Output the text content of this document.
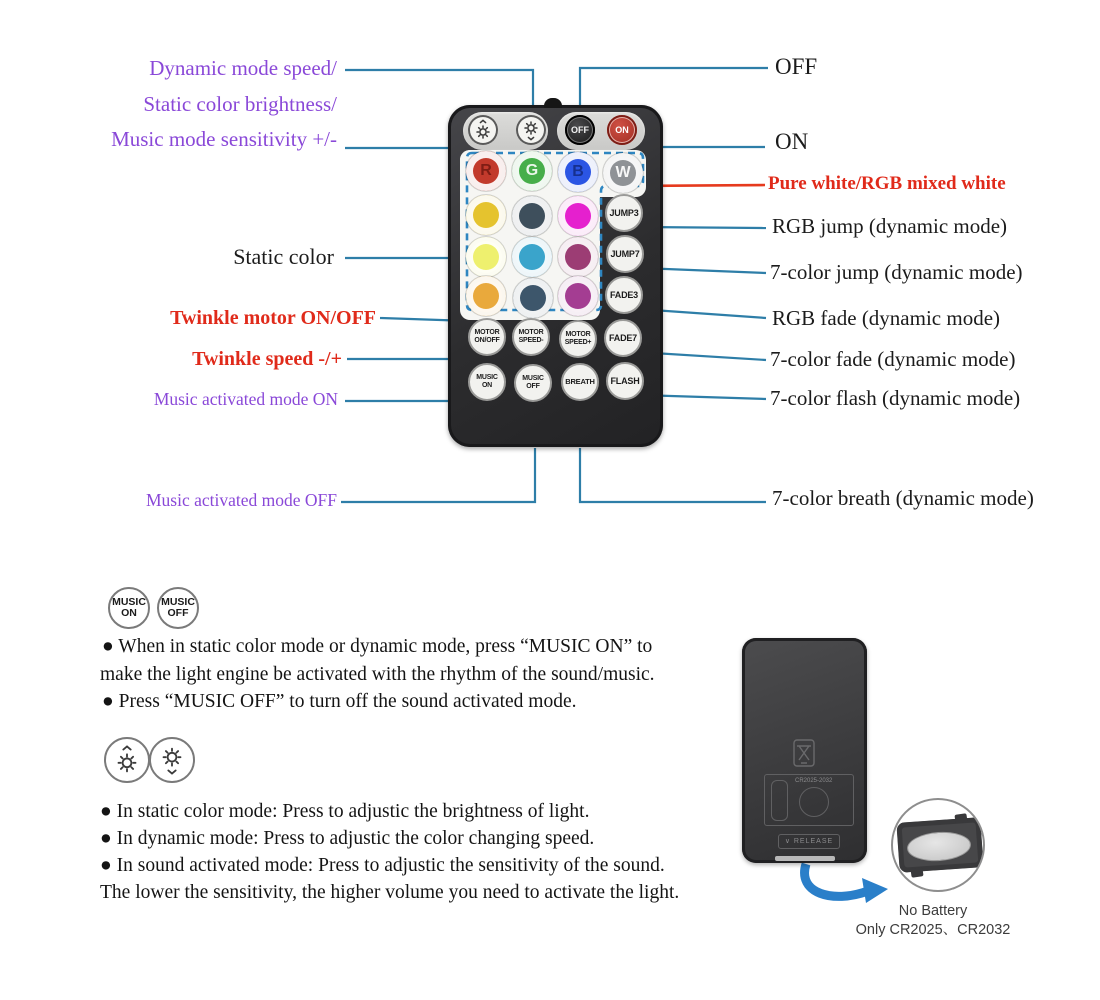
Dynamic mode speed/
Static color brightness/
Music mode sensitivity +/-
Static color
Twinkle motor ON/OFF
Twinkle speed -/+
Music activated mode ON
Music activated mode OFF
OFF
ON
Pure white/RGB mixed white
RGB jump (dynamic mode)
7-color jump (dynamic mode)
RGB fade (dynamic mode)
7-color fade (dynamic mode)
7-color flash (dynamic mode)
7-color breath (dynamic mode)
OFF	ON
R	G	B	W
JUMP3
JUMP7
FADE3
FADE7
FLASH
MOTOR
ON/OFF
MOTOR
SPEED-
MOTOR
SPEED+
MUSIC
ON
MUSIC
OFF
BREATH
MUSIC
ON
MUSIC
OFF
● When in static color mode or dynamic mode, press “MUSIC ON” to
make the light engine be activated with the rhythm of the sound/music.
● Press “MUSIC OFF” to turn off the sound activated mode.
● In static color mode: Press to adjustic the brightness of light.
● In dynamic mode: Press to adjustic the color changing speed.
● In sound activated mode: Press to adjustic the sensitivity of the sound.
The lower the sensitivity, the higher volume you need to activate the light.
CR2025-2032
∨ RELEASE
No Battery
Only CR2025、CR2032
